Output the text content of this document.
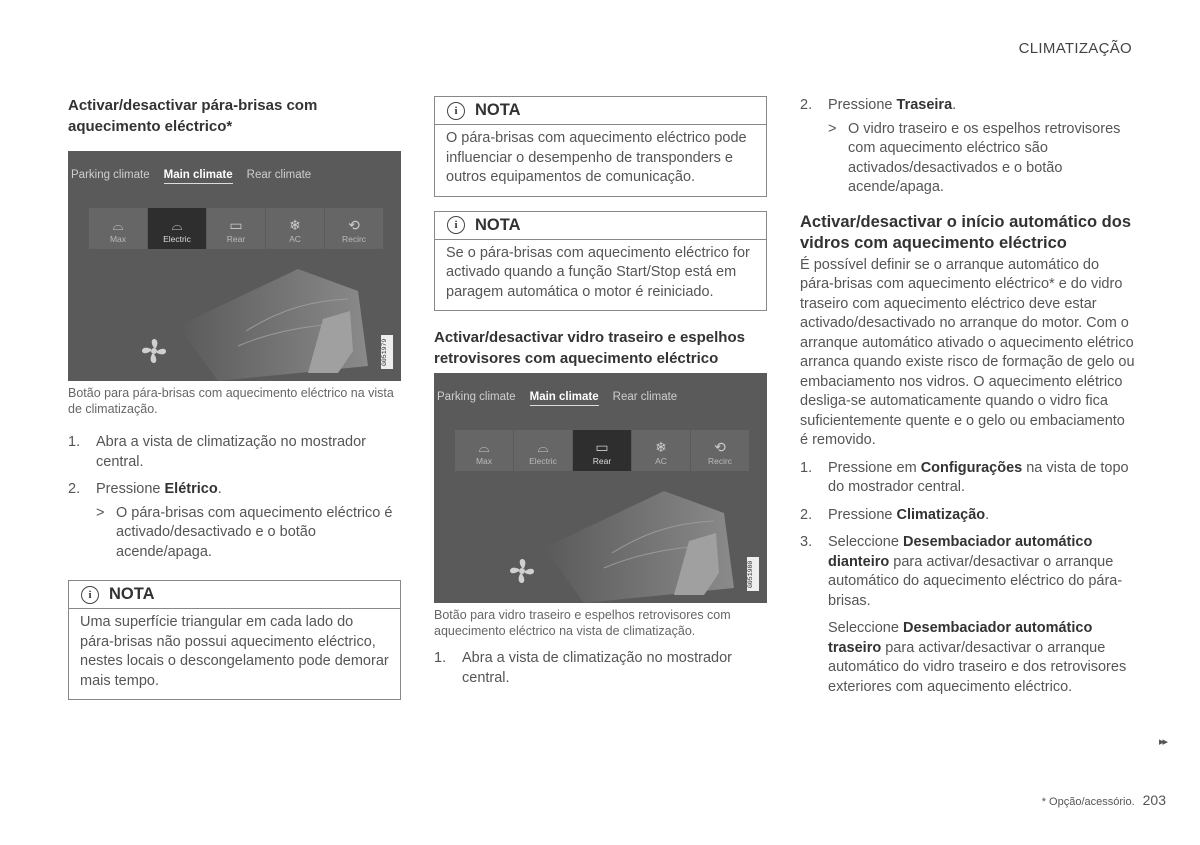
CLIMATIZAÇÃO
Activar/desactivar pára-brisas com aquecimento eléctrico*
Parking climate Main climate Rear climate
⌓
Max
⌓
Electric
▭
Rear
❄
AC
⟲
Recirc
G051979

Botão para pára-brisas com aquecimento eléctrico na vista de climatização.

1.	Abra a vista de climatização no mostrador central.
2.	Pressione Elétrico.
> O pára-brisas com aquecimento eléctrico é activado/desactivado e o botão acende/apaga.
i	NOTA
Uma superfície triangular em cada lado do pára-brisas não possui aquecimento eléctrico, nestes locais o descongelamento pode demorar mais tempo.
i	NOTA
O pára-brisas com aquecimento eléctrico pode influenciar o desempenho de transponders e outros equipamentos de comunicação.
i	NOTA
Se o pára-brisas com aquecimento eléctrico for activado quando a função Start/Stop está em paragem automática o motor é reiniciado.
Activar/desactivar vidro traseiro e espelhos retrovisores com aquecimento eléctrico
Parking climate Main climate Rear climate
⌓
Max
⌓
Electric
▭
Rear
❄
AC
⟲
Recirc
G051980

Botão para vidro traseiro e espelhos retrovisores com aquecimento eléctrico na vista de climatização.

1.	Abra a vista de climatização no mostrador central.
2.	Pressione Traseira.
> O vidro traseiro e os espelhos retrovisores com aquecimento eléctrico são activados/desactivados e o botão acende/apaga.
Activar/desactivar o início automático dos vidros com aquecimento eléctrico

É possível definir se o arranque automático do pára-brisas com aquecimento eléctrico* e do vidro traseiro com aquecimento eléctrico deve estar activado/desactivado no arranque do motor. Com o arranque automático ativado o aquecimento elétrico arranca quando existe risco de formação de gelo ou embaciamento nos vidros. O aquecimento elétrico desliga-se automaticamente quando o vidro fica suficientemente quente e o gelo ou embaciamento é removido.

1.	Pressione em Configurações na vista de topo do mostrador central.
2.	Pressione Climatização.
3.	Seleccione Desembaciador automático dianteiro para activar/desactivar o arranque automático do aquecimento eléctrico do pára-brisas.

Seleccione Desembaciador automático traseiro para activar/desactivar o arranque automático do vidro traseiro e dos retrovisores exteriores com aquecimento eléctrico.

▸▸
* Opção/acessório. 203
